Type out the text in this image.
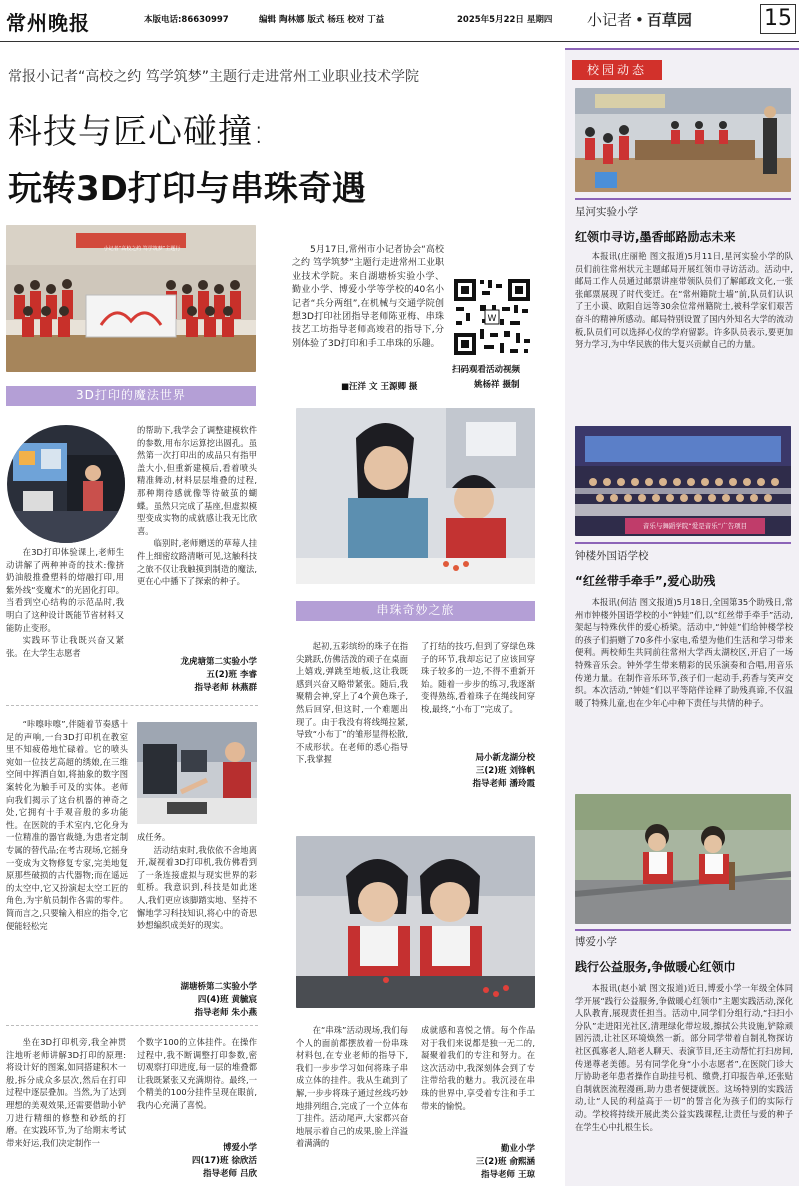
常州晚报	本版电话:86630997	编辑 陶林娜 版式 杨珏 校对 丁益	2025年5月22日 星期四 小记者 • 百草园	15
常报小记者“高校之约 笃学筑梦”主题行走进常州工业职业技术学院
科技与匠心碰撞:
玩转3D打印与串珠奇遇
小记者“高校之约 笃学筑梦”主题行	5月17日,常州市小记者协会“高校之约 笃学筑梦”主题行走进常州工业职业技术学院。来自湖塘桥实验小学、勤业小学、博爱小学等学校的40名小记者“兵分两组”,在机械与交通学院创想3D打印社团指导老师陈亚梅、串珠技艺工坊指导老师高竣君的指导下,分别体验了3D打印和手工串珠的乐趣。

■汪洋 文 王源卿 摄
W
扫码观看活动视频
姚杨祥 摄制
3D打印的魔法世界

在3D打印体验课上,老师生动讲解了两种神奇的技术:像挤奶油般推叠塑料的熔融打印,用紫外线“变魔术”的光固化打印。当看到空心结构的示范品时,我明白了这种设计既能节省材料又能防止变形。

实践环节让我既兴奋又紧张。在大学生志愿者

的帮助下,我学会了调整建模软件的参数,用布尔运算挖出圆孔。虽然第一次打印出的成品只有指甲盖大小,但重新建模后,看着喷头精准舞动,材料层层堆叠的过程,那种期待感就像等待破茧的蝴蝶。虽然只完成了基座,但虚拟模型变成实物的成就感让我无比欣喜。

临别时,老师赠送的草莓人挂件上细密纹路清晰可见,这触科技之旅不仅让我触摸到制造的魔法,更在心中播下了探索的种子。

龙虎塘第二实验小学
五(2)班 李睿
指导老师 林燕群

“咔嚓咔嚓”,伴随着节奏感十足的声响,一台3D打印机在教室里不知疲倦地忙碌着。它的喷头宛如一位技艺高超的绣娘,在三维空间中挥洒自如,将抽象的数字图案转化为触手可及的实体。老师向我们揭示了这台机器的神奇之处,它拥有十手观音般的多功能性。在医院的手术室内,它化身为一位精准的器官裁缝,为患者定制专属的替代品;在考古现场,它摇身一变成为文物修复专家,完美地复原那些破损的古代器物;而在遥远的太空中,它又扮演起太空工匠的角色,为宇航员制作各需的零件。简而言之,只要输入相应的指令,它便能轻松完

成任务。

活动结束时,我依依不舍地离开,凝视着3D打印机,我仿佛看到了一条连接虚拟与现实世界的彩虹桥。我意识到,科技是如此迷人,我们更应该脚踏实地、坚持不懈地学习科技知识,将心中的奇思妙想编织成美好的现实。

湖塘桥第二实验小学
四(4)班 黄毓宸
指导老师 朱小燕

坐在3D打印机旁,我全神贯注地听老师讲解3D打印的原理:将设计好的图案,如同搭建积木一般,拆分成众多层次,然后在打印过程中逐层叠加。当然,为了达到理想的美观效果,还需要借助小铲刀进行精细的修整和砂纸的打磨。在实践环节,为了给期末考试带来好运,我们决定制作一

个数字100的立体挂件。在操作过程中,我不断调整打印参数,密切观察打印进度,每一层的堆叠都让我既紧张又充满期待。最终,一个精美的100分挂件呈现在眼前,我内心充满了喜悦。

博爱小学
四(17)班 徐欣活
指导老师 吕欣
串珠奇妙之旅

起初,五彩缤纷的珠子在指尖跳跃,仿佛活泼的顽子在桌面上嬉戏,弹跳至地板,这让我既感到兴奋又略带紧张。随后,我聚精会神,穿上了4个黄色珠子,然后回穿,但这时,一个难题出现了。由于我没有将线绳拉紧,导致“小布丁”的雏形显得松散,不成形状。在老师的悉心指导下,我掌握

了打结的技巧,但到了穿绿色珠子的环节,我却忘记了应该回穿珠子较多的一边,不得不重新开始。随着一步步的练习,我逐渐变得熟练,看着珠子在绳线间穿梭,最终,“小布丁”完成了。

局小新龙湖分校
三(2)班 刘锋帆
指导老师 潘玲霞

在“串珠”活动现场,我们每个人的面前都摆放着一份串珠材料包,在专业老师的指导下,我们一步步学习如何将珠子串成立体的挂件。我从生疏到了解,一步步将珠子通过丝线巧妙地排列组合,完成了一个立体布丁挂件。活动尾声,大家都兴奋地展示着自己的成果,脸上洋溢着满满的

成就感和喜悦之情。每个作品对于我们来说都是独一无二的,凝聚着我们的专注和努力。在这次活动中,我深刻体会到了专注带给我的魅力。我沉浸在串珠的世界中,享受着专注和手工带来的愉悦。

勤业小学
三(2)班 俞熙涵
指导老师 王琼
校园动态
星河实验小学
红领巾寻访,墨香邮路励志未来

本报讯(庄丽艳 图文报道)5月11日,星河实验小学的队员们前往常州状元主题邮局开展红领巾寻访活动。活动中,邮局工作人员通过邮票讲座带领队员们了解邮政文化,一张张邮票展现了时代变迁。在“常州籍院士墙”前,队员们认识了王小谟、欧阳自远等30余位常州籍院士,被科学家们艰苦奋斗的精神所感动。邮局特别设置了国内外知名大学的流动板,队员们可以选择心仪的学府留影。许多队员表示,要更加努力学习,为中华民族的伟大复兴贡献自己的力量。

音乐与舞蹈学院“爱是音乐”广告项目
钟楼外国语学校
“红丝带手牵手”,爱心助残

本报讯(何洁 图文报道)5月18日,全国第35个助残日,常州市钟楼外国语学校的小“钟娃”们,以“红丝带手牵手”活动,架起与特殊伙伴的爱心桥梁。活动中,“钟娃”们给钟楼学校的孩子们捐赠了70多件小家电,希望为他们生活和学习带来便利。两校师生共同前往常州大学西太湖校区,开启了一场特殊音乐会。钟外学生带来精彩的民乐演奏和合唱,用音乐传递力量。在制作音乐环节,孩子们一起动手,药香与笑声交织。本次活动,“钟娃”们以平等陪伴诠释了助残真谛,不仅温暖了特殊儿童,也在少年心中种下责任与共情的种子。

博爱小学
践行公益服务,争做暖心红领巾

本报讯(赵小斌 图文报道)近日,博爱小学一年级全体同学开展“践行公益服务,争做暖心红领巾”主题实践活动,深化人队教育,展现责任担当。活动中,同学们分组行动,“扫扫小分队”走进阳光社区,清理绿化带垃圾,擦拭公共设施,铲除顽固污渍,让社区环境焕然一新。部分同学带着自制礼物探访社区孤寡老人,陪老人聊天、表演节目,还主动帮忙打扫房间,传递尊老美德。另有同学化身“小小志愿者”,在医院门诊大厅协助老年患者操作自助挂号机、缴费,打印报告单,还张贴自制就医流程漫画,助力患者便捷就医。这场特别的实践活动,让“人民的利益高于一切”的誓言化为孩子们的实际行动。学校将持续开展此类公益实践课程,让责任与爱的种子在学生心中扎根生长。
